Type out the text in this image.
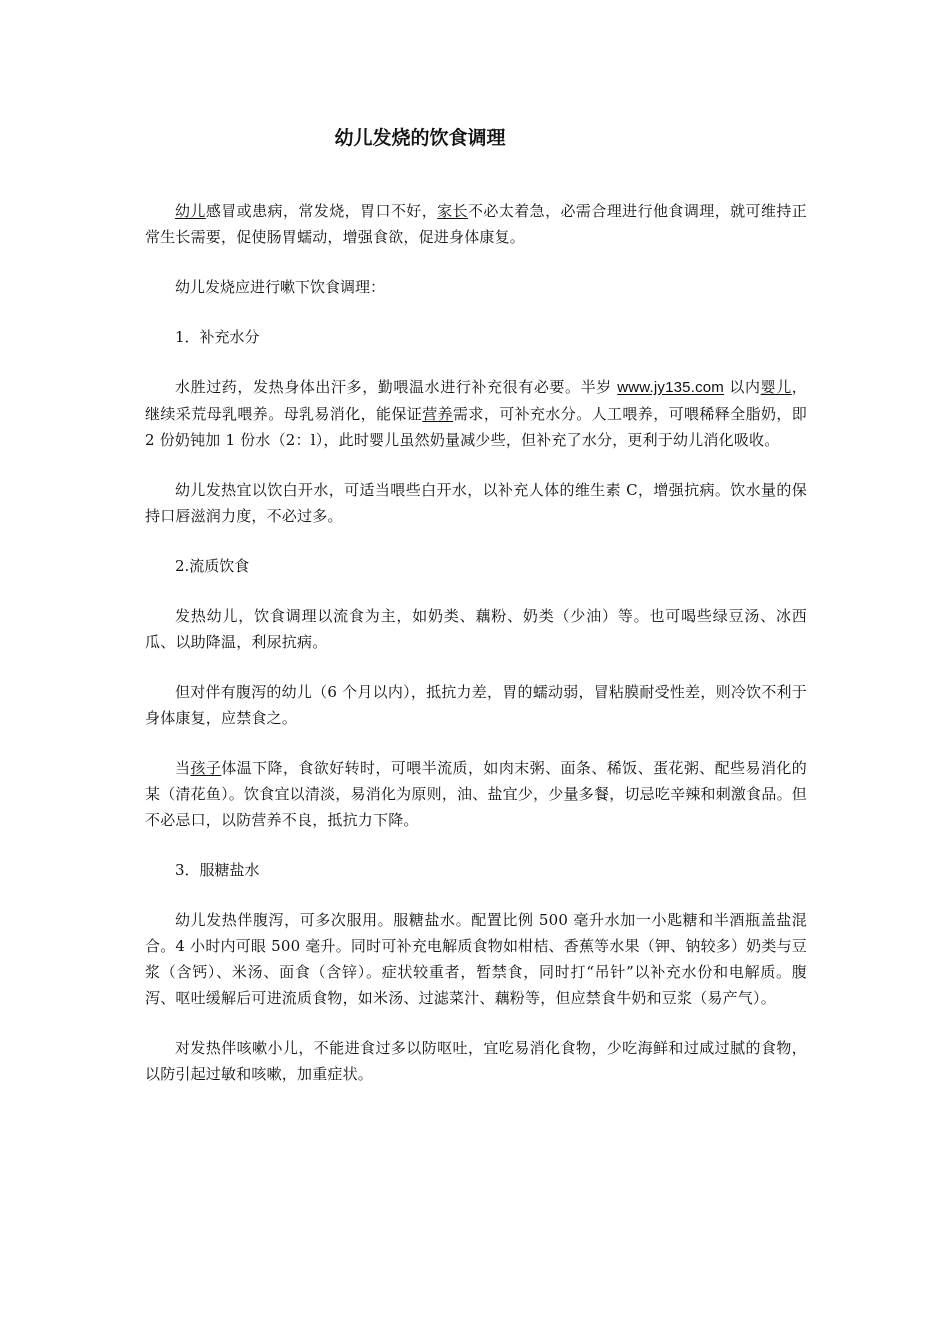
幼儿发烧的饮食调理

幼儿感冒或患病，常发烧，胃口不好，家长不必太着急，必需合理进行他食调理，就可维持正常生长需要，促使肠胃蠕动，增强食欲，促进身体康复。

幼儿发烧应进行嗽下饮食调理：

1．补充水分

水胜过药，发热身体出汗多，勤喂温水进行补充很有必要。半岁 www.jy135.com 以内婴儿，继续采荒母乳喂养。母乳易消化，能保证营养需求，可补充水分。人工喂养，可喂稀释全脂奶，即 2 份奶钝加 1 份水（2：l），此时婴儿虽然奶量减少些，但补充了水分，更利于幼儿消化吸收。

幼儿发热宜以饮白开水，可适当喂些白开水，以补充人体的维生素 C，增强抗病。饮水量的保持口唇滋润力度，不必过多。

2.流质饮食

发热幼儿，饮食调理以流食为主，如奶类、藕粉、奶类（少油）等。也可喝些绿豆汤、冰西瓜、以助降温，利尿抗病。

但对伴有腹泻的幼儿（6 个月以内），抵抗力差，胃的蠕动弱，冒粘膜耐受性差，则冷饮不利于身体康复，应禁食之。

当孩子体温下降，食欲好转时，可喂半流质，如肉末粥、面条、稀饭、蛋花粥、配些易消化的某（清花鱼）。饮食宜以清淡，易消化为原则，油、盐宜少，少量多餐，切忌吃辛辣和刺激食品。但不必忌口，以防营养不良，抵抗力下降。

3．服糖盐水

幼儿发热伴腹泻，可多次服用。服糖盐水。配置比例 500 毫升水加一小匙糖和半酒瓶盖盐混合。4 小时内可眼 500 毫升。同时可补充电解质食物如柑桔、香蕉等水果（钾、钠较多）奶类与豆浆（含钙）、米汤、面食（含锌）。症状较重者，暂禁食，同时打“吊针”以补充水份和电解质。腹泻、呕吐缓解后可进流质食物，如米汤、过滤菜汁、藕粉等，但应禁食牛奶和豆浆（易产气）。

对发热伴咳嗽小儿，不能进食过多以防呕吐，宜吃易消化食物，少吃海鲜和过咸过腻的食物，以防引起过敏和咳嗽，加重症状。
